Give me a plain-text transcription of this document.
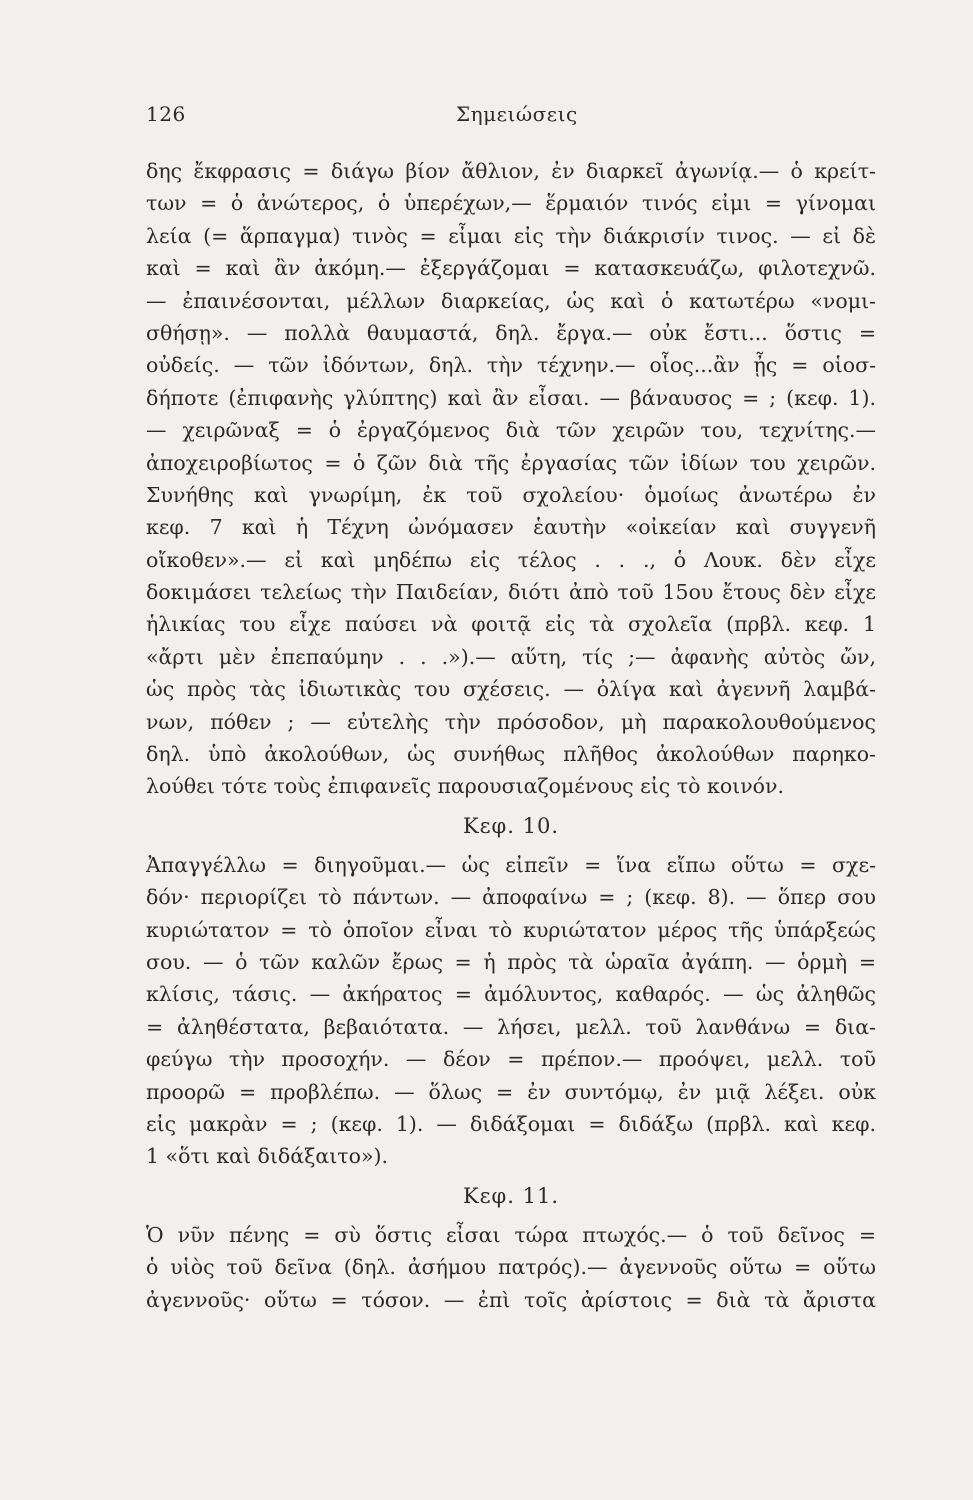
126	Σημειώσεις
δης ἔκφρασις = διάγω βίον ἄθλιον, ἐν διαρκεῖ ἀγωνίᾳ.— ὁ κρείτ-
των = ὁ ἀνώτερος, ὁ ὑπερέχων,— ἕρμαιόν τινός εἰμι = γίνομαι
λεία (= ἅρπαγμα) τινὸς = εἶμαι εἰς τὴν διάκρισίν τινος. — εἰ δὲ
καὶ = καὶ ἂν ἀκόμη.— ἐξεργάζομαι = κατασκευάζω, φιλοτεχνῶ.
— ἐπαινέσονται, μέλλων διαρκείας, ὡς καὶ ὁ κατωτέρω «νομι-
σθήσῃ». — πολλὰ θαυμαστά, δηλ. ἔργα.— οὐκ ἔστι... ὅστις =
οὐδείς. — τῶν ἰδόντων, δηλ. τὴν τέχνην.— οἷος...ἂν ᾖς = οἱοσ-
δήποτε (ἐπιφανὴς γλύπτης) καὶ ἂν εἶσαι. — βάναυσος = ; (κεφ. 1).
— χειρῶναξ = ὁ ἐργαζόμενος διὰ τῶν χειρῶν του, τεχνίτης.—
ἀποχειροβίωτος = ὁ ζῶν διὰ τῆς ἐργασίας τῶν ἰδίων του χειρῶν.
Συνήθης καὶ γνωρίμη, ἐκ τοῦ σχολείου· ὁμοίως ἀνωτέρω ἐν
κεφ. 7 καὶ ἡ Τέχνη ὠνόμασεν ἑαυτὴν «οἰκείαν καὶ συγγενῆ
οἴκοθεν».— εἰ καὶ μηδέπω εἰς τέλος . . ., ὁ Λουκ. δὲν εἶχε
δοκιμάσει τελείως τὴν Παιδείαν, διότι ἀπὸ τοῦ 15ου ἔτους δὲν εἶχε
ἡλικίας του εἶχε παύσει νὰ φοιτᾷ εἰς τὰ σχολεῖα (πρβλ. κεφ. 1
«ἄρτι μὲν ἐπεπαύμην . . .»).— αὕτη, τίς ;— ἀφανὴς αὐτὸς ὤν,
ὡς πρὸς τὰς ἰδιωτικὰς του σχέσεις. — ὀλίγα καὶ ἀγεννῆ λαμβά-
νων, πόθεν ; — εὐτελὴς τὴν πρόσοδον, μὴ παρακολουθούμενος
δηλ. ὑπὸ ἀκολούθων, ὡς συνήθως πλῆθος ἀκολούθων παρηκο-
λούθει τότε τοὺς ἐπιφανεῖς παρουσιαζομένους εἰς τὸ κοινόν.
Κεφ. 10.
Ἀπαγγέλλω = διηγοῦμαι.— ὡς εἰπεῖν = ἵνα εἴπω οὕτω = σχε-
δόν· περιορίζει τὸ πάντων. — ἀποφαίνω = ; (κεφ. 8). — ὅπερ σου
κυριώτατον = τὸ ὁποῖον εἶναι τὸ κυριώτατον μέρος τῆς ὑπάρξεώς
σου. — ὁ τῶν καλῶν ἔρως = ἡ πρὸς τὰ ὡραῖα ἀγάπη. — ὁρμὴ =
κλίσις, τάσις. — ἀκήρατος = ἀμόλυντος, καθαρός. — ὡς ἀληθῶς
= ἀληθέστατα, βεβαιότατα. — λήσει, μελλ. τοῦ λανθάνω = δια-
φεύγω τὴν προσοχήν. — δέον = πρέπον.— προόψει, μελλ. τοῦ
προορῶ = προβλέπω. — ὅλως = ἐν συντόμῳ, ἐν μιᾷ λέξει. οὐκ
εἰς μακρὰν = ; (κεφ. 1). — διδάξομαι = διδάξω (πρβλ. καὶ κεφ.
1 «ὅτι καὶ διδάξαιτο»).
Κεφ. 11.
Ὁ νῦν πένης = σὺ ὅστις εἶσαι τώρα πτωχός.— ὁ τοῦ δεῖνος =
ὁ υἱὸς τοῦ δεῖνα (δηλ. ἀσήμου πατρός).— ἀγεννοῦς οὕτω = οὕτω
ἀγεννοῦς· οὕτω = τόσον. — ἐπὶ τοῖς ἀρίστοις = διὰ τὰ ἄριστα
